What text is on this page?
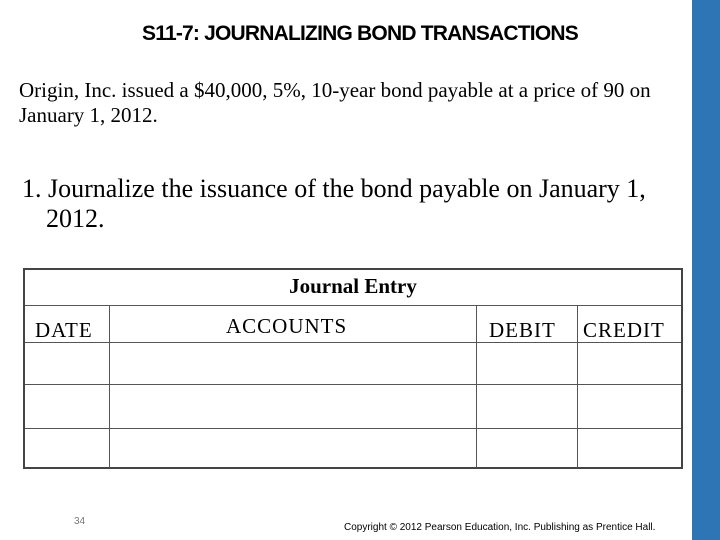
S11-7: JOURNALIZING BOND TRANSACTIONS
Origin, Inc. issued a $40,000, 5%, 10-year bond payable at a price of 90 on January 1, 2012.
1. Journalize the issuance of the bond payable on January 1, 2012.
Journal Entry
DATE	ACCOUNTS	DEBIT CREDIT
34
Copyright © 2012 Pearson Education, Inc. Publishing as Prentice Hall.
